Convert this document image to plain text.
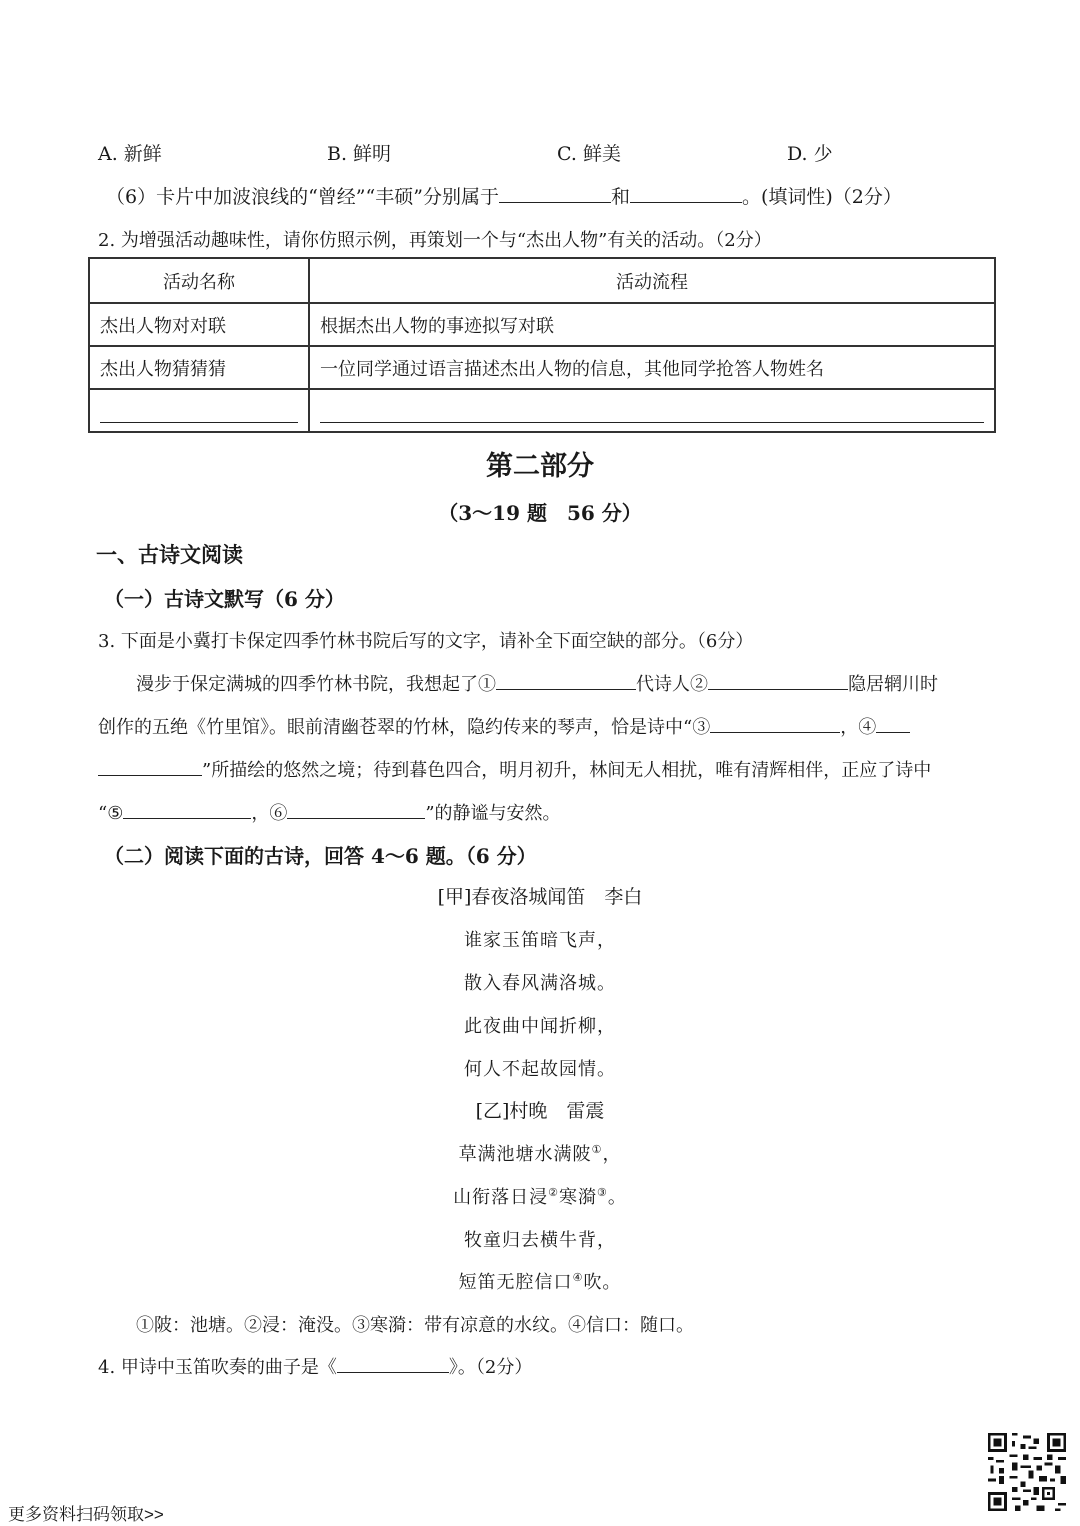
A. 新鲜	B. 鲜明	C. 鲜美	D. 少
（6）卡片中加波浪线的“曾经”“丰硕”分别属于	和	。(填词性)（2分）
2. 为增强活动趣味性，请你仿照示例，再策划一个与“杰出人物”有关的活动。（2分）
活动名称	活动流程
杰出人物对对联	根据杰出人物的事迹拟写对联
杰出人物猜猜猜	一位同学通过语言描述杰出人物的信息，其他同学抢答人物姓名

第二部分
（3～19 题　56 分）
一、古诗文阅读
（一）古诗文默写（6 分）
3. 下面是小冀打卡保定四季竹林书院后写的文字，请补全下面空缺的部分。（6分）
漫步于保定满城的四季竹林书院，我想起了①	代诗人②	隐居辋川时
创作的五绝《竹里馆》。眼前清幽苍翠的竹林，隐约传来的琴声，恰是诗中“③	，④
”所描绘的悠然之境；待到暮色四合，明月初升，林间无人相扰，唯有清辉相伴，正应了诗中
“⑤	，⑥	”的静谧与安然。
（二）阅读下面的古诗，回答 4～6 题。（6 分）
[甲]春夜洛城闻笛　李白
谁家玉笛暗飞声，
散入春风满洛城。
此夜曲中闻折柳，
何人不起故园情。
[乙]村晚　雷震
草满池塘水满陂①，
山衔落日浸②寒漪③。
牧童归去横牛背，
短笛无腔信口④吹。
①陂：池塘。②浸：淹没。③寒漪：带有凉意的水纹。④信口：随口。
4. 甲诗中玉笛吹奏的曲子是《	》。（2分）
更多资料扫码领取>>
